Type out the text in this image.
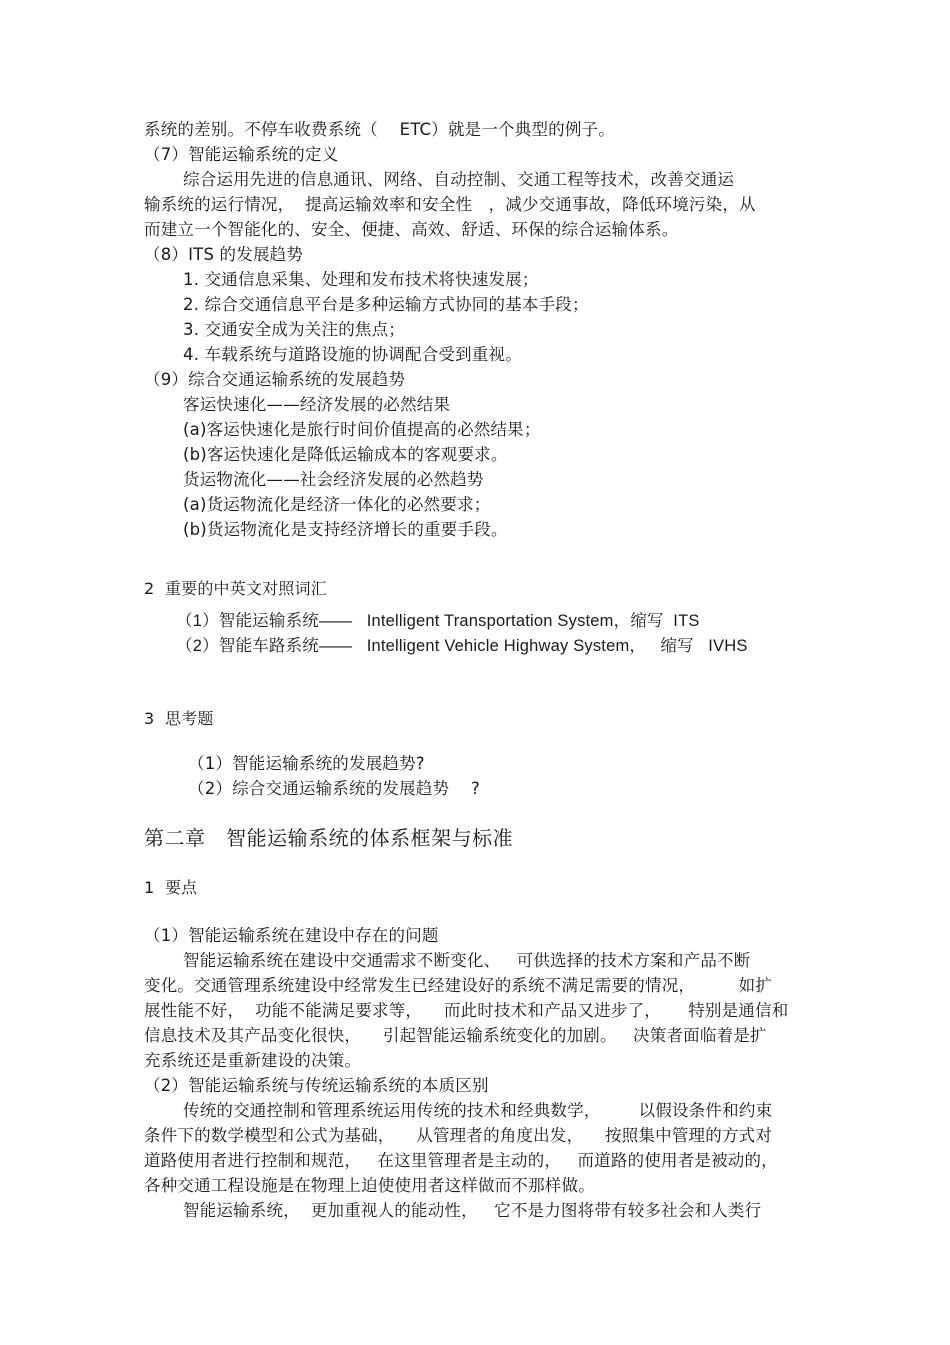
系统的差别。不停车收费系统（    ETC）就是一个典型的例子。
（7）智能运输系统的定义
综合运用先进的信息通讯、网络、自动控制、交通工程等技术，改善交通运
输系统的运行情况，  提高运输效率和安全性   ，减少交通事故，降低环境污染，从
而建立一个智能化的、安全、便捷、高效、舒适、环保的综合运输体系。
（8）ITS 的发展趋势
1. 交通信息采集、处理和发布技术将快速发展；
2. 综合交通信息平台是多种运输方式协同的基本手段；
3. 交通安全成为关注的焦点；
4. 车载系统与道路设施的协调配合受到重视。
（9）综合交通运输系统的发展趋势
客运快速化——经济发展的必然结果
(a)客运快速化是旅行时间价值提高的必然结果；
(b)客运快速化是降低运输成本的客观要求。
货运物流化——社会经济发展的必然趋势
(a)货运物流化是经济一体化的必然要求；
(b)货运物流化是支持经济增长的重要手段。
2  重要的中英文对照词汇
（1）智能运输系统——   Intelligent Transportation System，缩写  ITS
（2）智能车路系统——   Intelligent Vehicle Highway System，   缩写   IVHS
3  思考题
（1）智能运输系统的发展趋势?
（2）综合交通运输系统的发展趋势    ?
第二章   智能运输系统的体系框架与标准
1  要点
（1）智能运输系统在建设中存在的问题
智能运输系统在建设中交通需求不断变化、   可供选择的技术方案和产品不断
变化。交通管理系统建设中经常发生已经建设好的系统不满足需要的情况，        如扩
展性能不好，  功能不能满足要求等，    而此时技术和产品又进步了，     特别是通信和
信息技术及其产品变化很快，    引起智能运输系统变化的加剧。   决策者面临着是扩
充系统还是重新建设的决策。
（2）智能运输系统与传统运输系统的本质区别
传统的交通控制和管理系统运用传统的技术和经典数学，       以假设条件和约束
条件下的数学模型和公式为基础，    从管理者的角度出发，    按照集中管理的方式对
道路使用者进行控制和规范，   在这里管理者是主动的，   而道路的使用者是被动的，
各种交通工程设施是在物理上迫使使用者这样做而不那样做。
智能运输系统，  更加重视人的能动性，   它不是力图将带有较多社会和人类行
